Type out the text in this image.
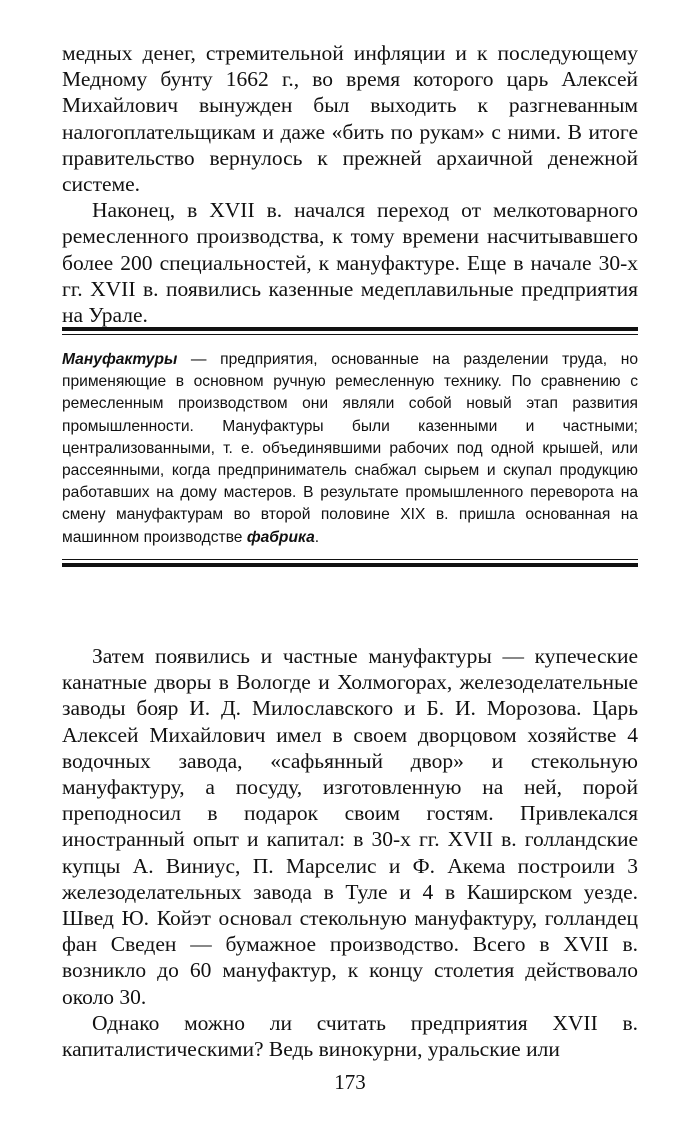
медных денег, стремительной инфляции и к последующему Медному бунту 1662 г., во время которого царь Алексей Михайлович вынужден был выходить к разгневанным налогоплательщикам и даже «бить по рукам» с ними. В итоге правительство вернулось к прежней архаичной денежной системе.

Наконец, в XVII в. начался переход от мелкотоварного ремесленного производства, к тому времени насчитывавшего более 200 специальностей, к мануфактуре. Еще в начале 30-х гг. XVII в. появились казенные медеплавильные предприятия на Урале.

Мануфактуры — предприятия, основанные на разделении труда, но применяющие в основном ручную ремесленную технику. По сравнению с ремесленным производством они являли собой новый этап развития промышленности. Мануфактуры были казенными и частными; централизованными, т. е. объединявшими рабочих под одной крышей, или рассеянными, когда предприниматель снабжал сырьем и скупал продукцию работавших на дому мастеров. В результате промышленного переворота на смену мануфактурам во второй половине XIX в. пришла основанная на машинном производстве фабрика.

Затем появились и частные мануфактуры — купеческие канатные дворы в Вологде и Холмогорах, железоделательные заводы бояр И. Д. Милославского и Б. И. Морозова. Царь Алексей Михайлович имел в своем дворцовом хозяйстве 4 водочных завода, «сафьянный двор» и стекольную мануфактуру, а посуду, изготовленную на ней, порой преподносил в подарок своим гостям. Привлекался иностранный опыт и капитал: в 30-х гг. XVII в. голландские купцы А. Виниус, П. Марселис и Ф. Акема построили 3 железоделательных завода в Туле и 4 в Каширском уезде. Швед Ю. Койэт основал стекольную мануфактуру, голландец фан Сведен — бумажное производство. Всего в XVII в. возникло до 60 мануфактур, к концу столетия действовало около 30.

Однако можно ли считать предприятия XVII в. капиталистическими? Ведь винокурни, уральские или

173
